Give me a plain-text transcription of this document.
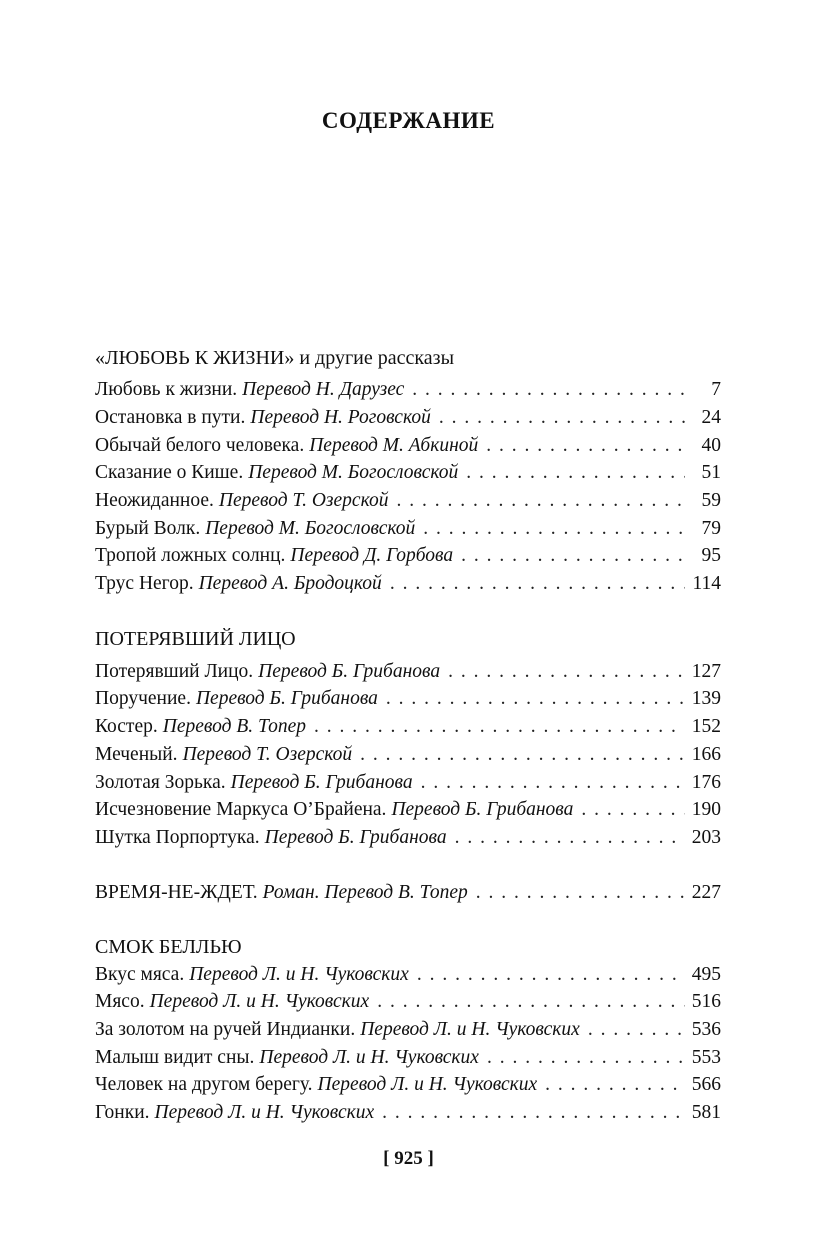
СОДЕРЖАНИЕ
«ЛЮБОВЬ К ЖИЗНИ» и другие рассказы
Любовь к жизни. Перевод Н. Дарузес . . .	7
Остановка в пути. Перевод Н. Роговской . . .	24
Обычай белого человека. Перевод М. Абкиной . . .	40
Сказание о Кише. Перевод М. Богословской . . .	51
Неожиданное. Перевод Т. Озерской . . .	59
Бурый Волк. Перевод М. Богословской . . .	79
Тропой ложных солнц. Перевод Д. Горбова . . .	95
Трус Негор. Перевод А. Бродоцкой . . .	114
ПОТЕРЯВШИЙ ЛИЦО
Потерявший Лицо. Перевод Б. Грибанова . . .	127
Поручение. Перевод Б. Грибанова . . .	139
Костер. Перевод В. Топер . . .	152
Меченый. Перевод Т. Озерской . . .	166
Золотая Зорька. Перевод Б. Грибанова . . .	176
Исчезновение Маркуса О’Брайена. Перевод Б. Грибанова . . .	190
Шутка Порпортука. Перевод Б. Грибанова . . .	203
ВРЕМЯ-НЕ-ЖДЕТ. Роман. Перевод В. Топер . . .	227
СМОК БЕЛЛЬЮ
Вкус мяса. Перевод Л. и Н. Чуковских . . .	495
Мясо. Перевод Л. и Н. Чуковских . . .	516
За золотом на ручей Индианки. Перевод Л. и Н. Чуковских . . .	536
Малыш видит сны. Перевод Л. и Н. Чуковских . . .	553
Человек на другом берегу. Перевод Л. и Н. Чуковских . . .	566
Гонки. Перевод Л. и Н. Чуковских . . .	581
[ 925 ]
